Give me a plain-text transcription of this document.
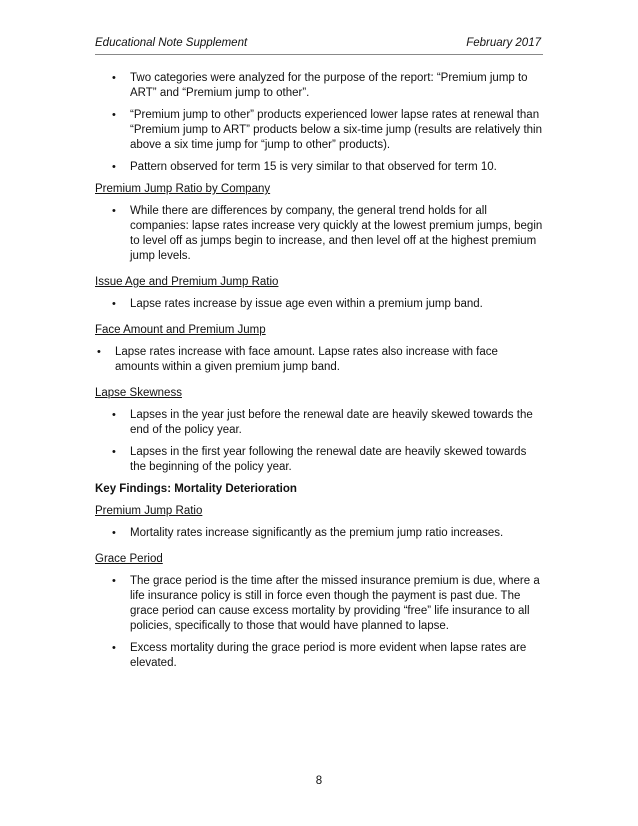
Educational Note Supplement	February 2017
• Two categories were analyzed for the purpose of the report: “Premium jump to ART” and “Premium jump to other”.
• “Premium jump to other” products experienced lower lapse rates at renewal than “Premium jump to ART” products below a six-time jump (results are relatively thin above a six time jump for “jump to other” products).
• Pattern observed for term 15 is very similar to that observed for term 10.
Premium Jump Ratio by Company
• While there are differences by company, the general trend holds for all companies: lapse rates increase very quickly at the lowest premium jumps, begin to level off as jumps begin to increase, and then level off at the highest premium jump levels.
Issue Age and Premium Jump Ratio
• Lapse rates increase by issue age even within a premium jump band.
Face Amount and Premium Jump
• Lapse rates increase with face amount. Lapse rates also increase with face amounts within a given premium jump band.
Lapse Skewness
• Lapses in the year just before the renewal date are heavily skewed towards the end of the policy year.
• Lapses in the first year following the renewal date are heavily skewed towards the beginning of the policy year.
Key Findings: Mortality Deterioration
Premium Jump Ratio
• Mortality rates increase significantly as the premium jump ratio increases.
Grace Period
• The grace period is the time after the missed insurance premium is due, where a life insurance policy is still in force even though the payment is past due. The grace period can cause excess mortality by providing “free” life insurance to all policies, specifically to those that would have planned to lapse.
• Excess mortality during the grace period is more evident when lapse rates are elevated.
8
